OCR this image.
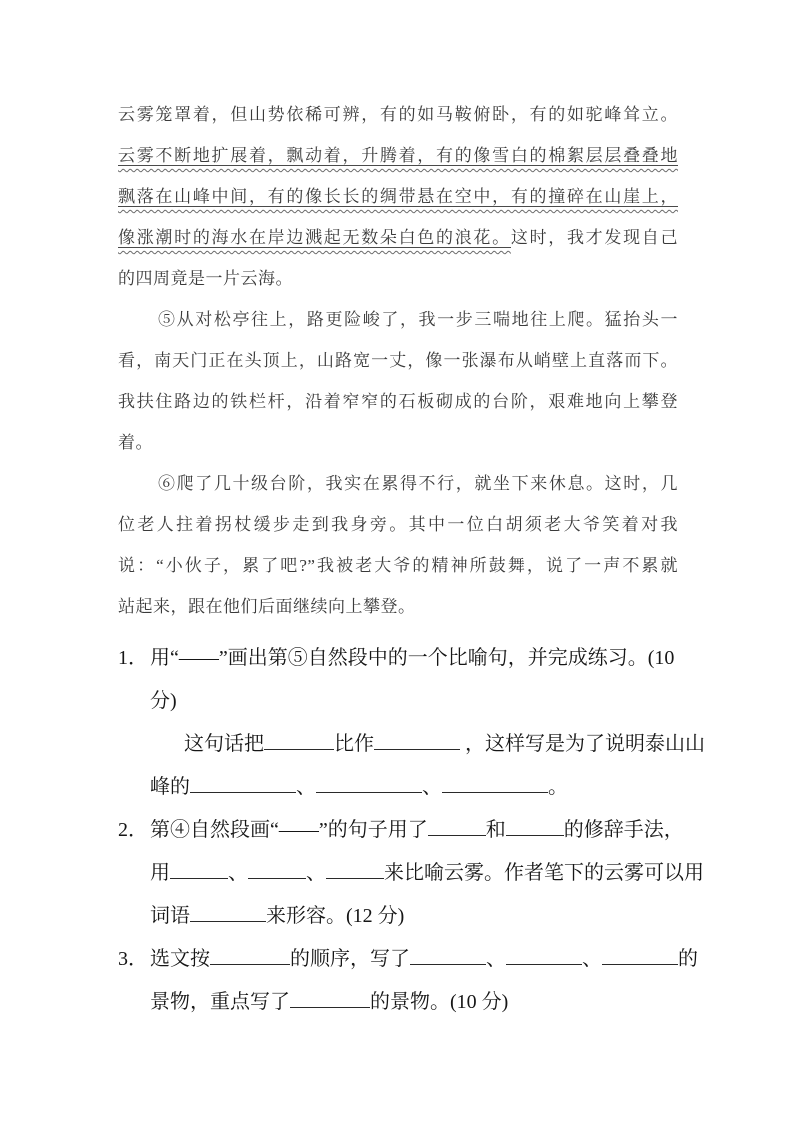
云雾笼罩着，但山势依稀可辨，有的如马鞍俯卧，有的如驼峰耸立。
云雾不断地扩展着，飘动着，升腾着，有的像雪白的棉絮层层叠叠地
飘落在山峰中间，有的像长长的绸带悬在空中，有的撞碎在山崖上，
像涨潮时的海水在岸边溅起无数朵白色的浪花。这时，我才发现自己
的四周竟是一片云海。
⑤从对松亭往上，路更险峻了，我一步三喘地往上爬。猛抬头一
看，南天门正在头顶上，山路宽一丈，像一张瀑布从峭壁上直落而下。
我扶住路边的铁栏杆，沿着窄窄的石板砌成的台阶，艰难地向上攀登
着。
⑥爬了几十级台阶，我实在累得不行，就坐下来休息。这时，几
位老人拄着拐杖缓步走到我身旁。其中一位白胡须老大爷笑着对我
说：“小伙子，累了吧?”我被老大爷的精神所鼓舞，说了一声不累就
站起来，跟在他们后面继续向上攀登。
1． 用“——”画出第⑤自然段中的一个比喻句，并完成练习。(10
分)
这句话把	比作	，这样写是为了说明泰山山
峰的	、	、	。
2． 第④自然段画“——”的句子用了	和	的修辞手法，
用	、	、	来比喻云雾。作者笔下的云雾可以用
词语	来形容。(12 分)
3． 选文按	的顺序，写了	、	、	的
景物，重点写了	的景物。(10 分)
